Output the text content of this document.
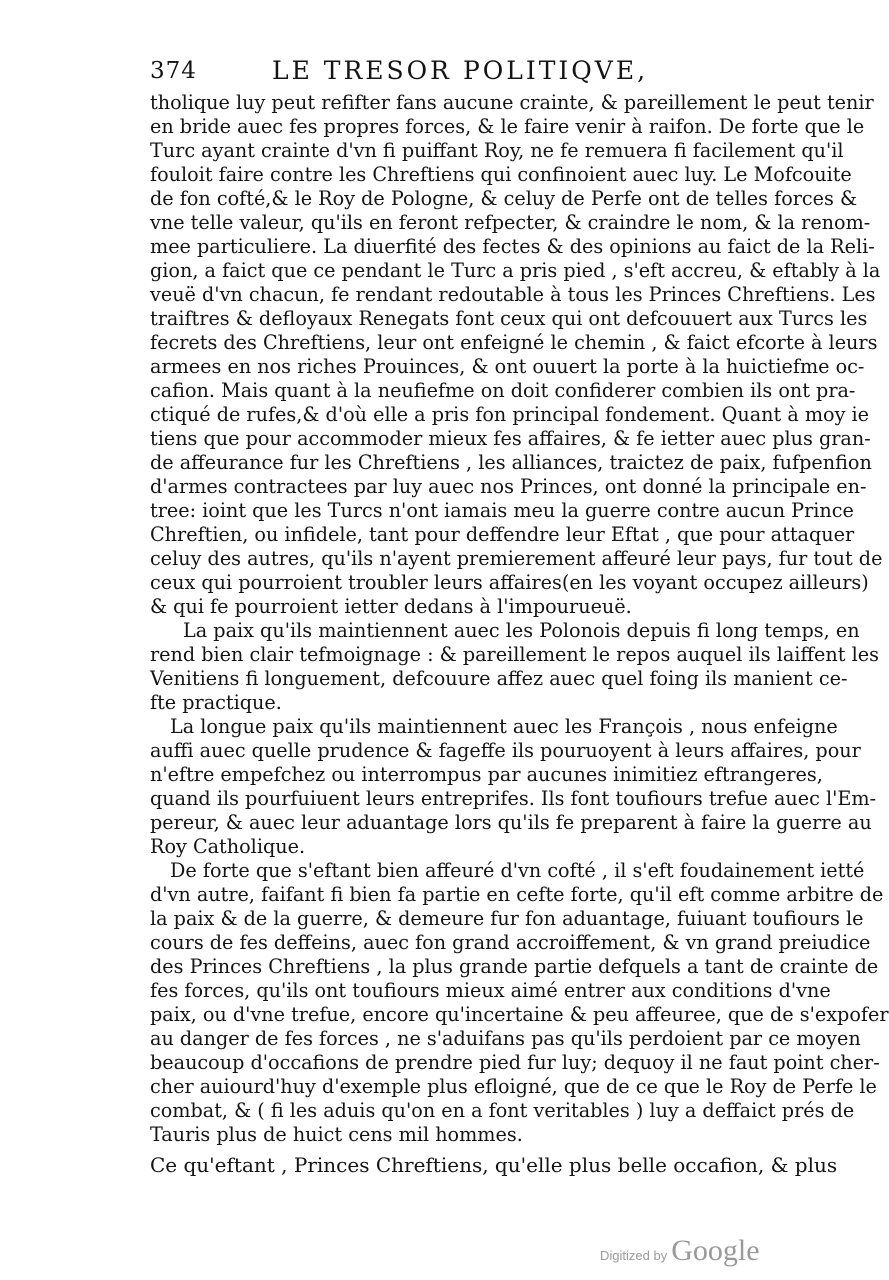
374	LE TRESOR POLITIQVE,
tholique luy peut refifter fans aucune crainte, & pareillement le peut tenir
en bride auec fes propres forces, & le faire venir à raifon. De forte que le
Turc ayant crainte d'vn fi puiffant Roy, ne fe remuera fi facilement qu'il
fouloit faire contre les Chreftiens qui confinoient auec luy. Le Mofcouite
de fon cofté,& le Roy de Pologne, & celuy de Perfe ont de telles forces &
vne telle valeur, qu'ils en feront refpecter, & craindre le nom, & la renom-
mee particuliere. La diuerfité des fectes & des opinions au faict de la Reli-
gion, a faict que ce pendant le Turc a pris pied , s'eft accreu, & eftably à la
veuë d'vn chacun, fe rendant redoutable à tous les Princes Chreftiens. Les
traiftres & defloyaux Renegats font ceux qui ont defcouuert aux Turcs les
fecrets des Chreftiens, leur ont enfeigné le chemin , & faict efcorte à leurs
armees en nos riches Prouinces, & ont ouuert la porte à la huictiefme oc-
cafion. Mais quant à la neufiefme on doit confiderer combien ils ont pra-
ctiqué de rufes,& d'où elle a pris fon principal fondement. Quant à moy ie
tiens que pour accommoder mieux fes affaires, & fe ietter auec plus gran-
de affeurance fur les Chreftiens , les alliances, traictez de paix, fufpenfion
d'armes contractees par luy auec nos Princes, ont donné la principale en-
tree: ioint que les Turcs n'ont iamais meu la guerre contre aucun Prince
Chreftien, ou infidele, tant pour deffendre leur Eftat , que pour attaquer
celuy des autres, qu'ils n'ayent premierement affeuré leur pays, fur tout de
ceux qui pourroient troubler leurs affaires(en les voyant occupez ailleurs)
& qui fe pourroient ietter dedans à l'impourueuë.
La paix qu'ils maintiennent auec les Polonois depuis fi long temps, en
rend bien clair tefmoignage : & pareillement le repos auquel ils laiffent les
Venitiens fi longuement, defcouure affez auec quel foing ils manient ce-
fte practique.
La longue paix qu'ils maintiennent auec les François , nous enfeigne
auffi auec quelle prudence & fageffe ils pouruoyent à leurs affaires, pour
n'eftre empefchez ou interrompus par aucunes inimitiez eftrangeres,
quand ils pourfuiuent leurs entreprifes. Ils font toufiours trefue auec l'Em-
pereur, & auec leur aduantage lors qu'ils fe preparent à faire la guerre au
Roy Catholique.
De forte que s'eftant bien affeuré d'vn cofté , il s'eft foudainement ietté
d'vn autre, faifant fi bien fa partie en cefte forte, qu'il eft comme arbitre de
la paix & de la guerre, & demeure fur fon aduantage, fuiuant toufiours le
cours de fes deffeins, auec fon grand accroiffement, & vn grand preiudice
des Princes Chreftiens , la plus grande partie defquels a tant de crainte de
fes forces, qu'ils ont toufiours mieux aimé entrer aux conditions d'vne
paix, ou d'vne trefue, encore qu'incertaine & peu affeuree, que de s'expofer
au danger de fes forces , ne s'aduifans pas qu'ils perdoient par ce moyen
beaucoup d'occafions de prendre pied fur luy; dequoy il ne faut point cher-
cher auiourd'huy d'exemple plus efloigné, que de ce que le Roy de Perfe le
combat, & ( fi les aduis qu'on en a font veritables ) luy a deffaict prés de
Tauris plus de huict cens mil hommes.
Ce qu'eftant , Princes Chreftiens, qu'elle plus belle occafion, & plus
Digitized by Google
